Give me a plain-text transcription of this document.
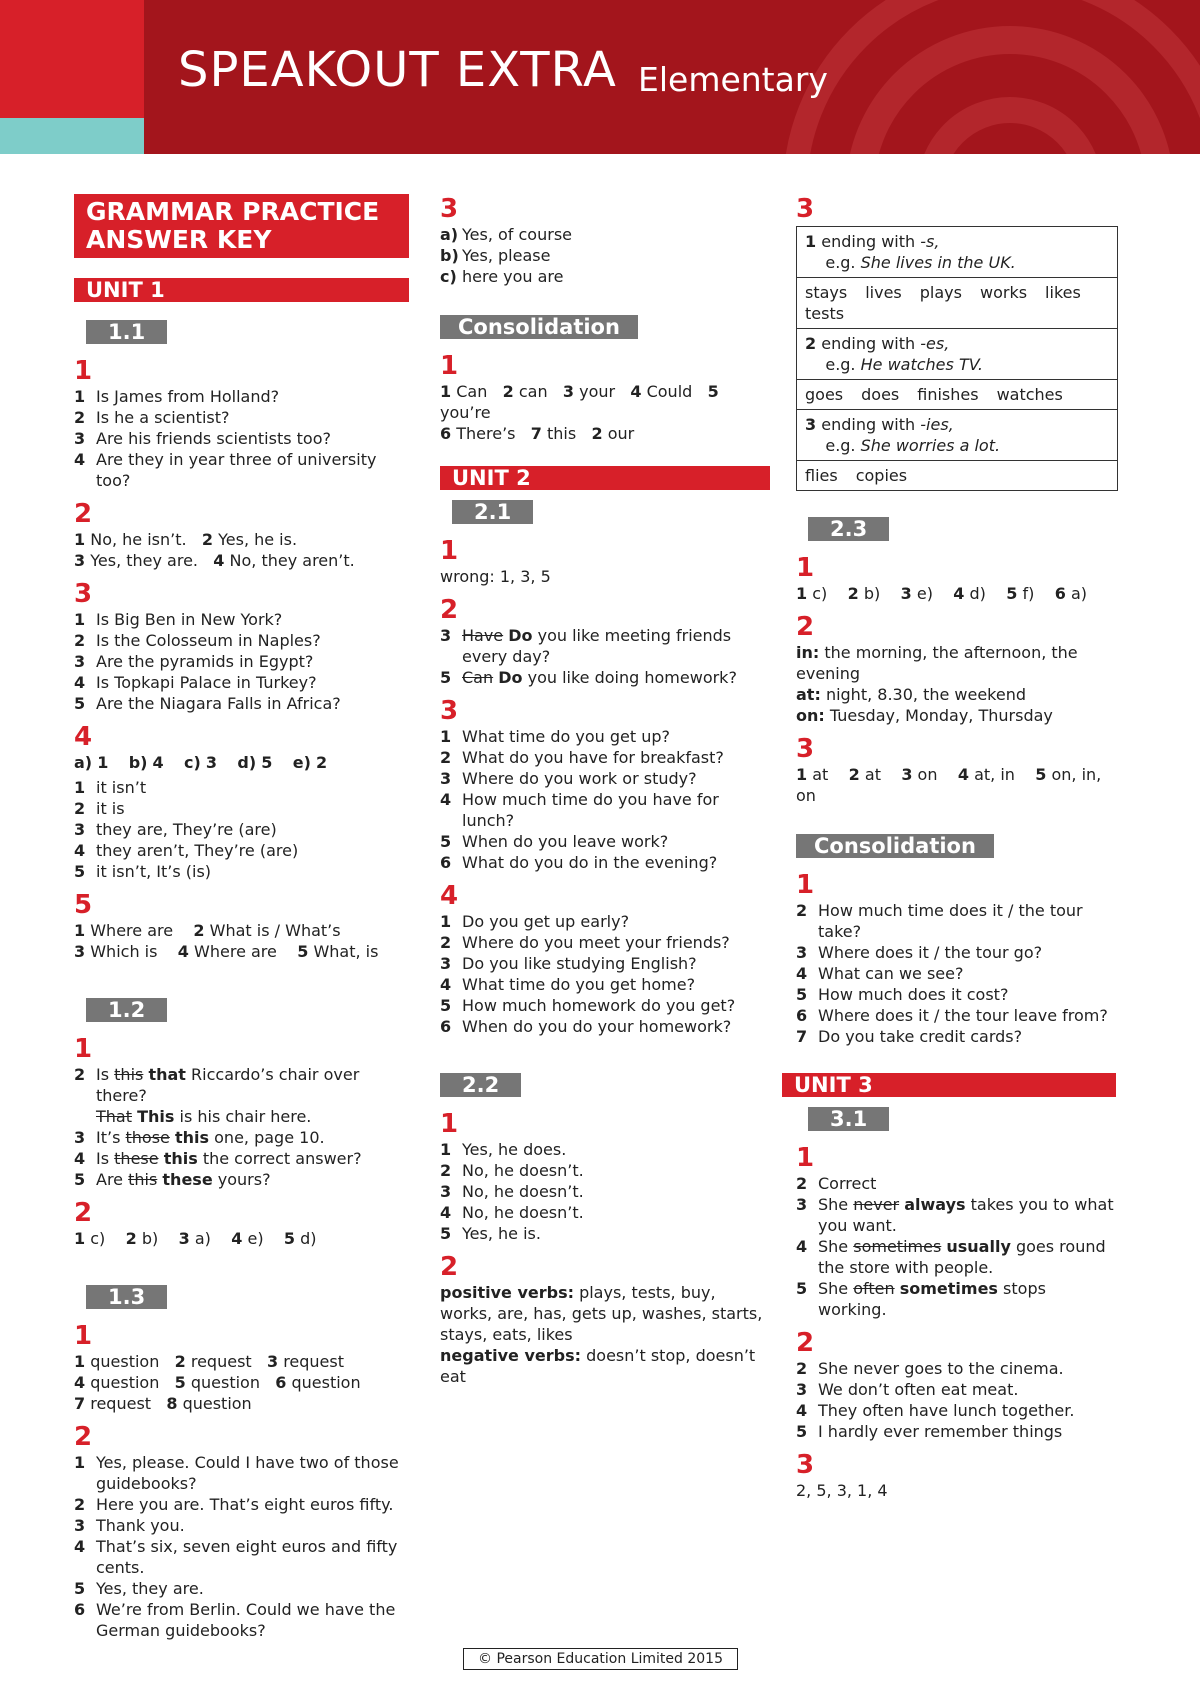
SPEAKOUT EXTRA Elementary
GRAMMAR PRACTICE
ANSWER KEY
UNIT 1
1.1
1
1 Is James from Holland?
2 Is he a scientist?
3 Are his friends scientists too?
4 Are they in year three of university too?
2
1 No, he isn’t. 2 Yes, he is.
3 Yes, they are. 4 No, they aren’t.
3
1 Is Big Ben in New York?
2 Is the Colosseum in Naples?
3 Are the pyramids in Egypt?
4 Is Topkapi Palace in Turkey?
5 Are the Niagara Falls in Africa?
4
a) 1 b) 4 c) 3 d) 5 e) 2
1 it isn’t
2 it is
3 they are, They’re (are)
4 they aren’t, They’re (are)
5 it isn’t, It’s (is)
5
1 Where are 2 What is / What’s
3 Which is 4 Where are 5 What, is
1.2
1
2 Is this that Riccardo’s chair over there?
That This is his chair here.
3 It’s those this one, page 10.
4 Is these this the correct answer?
5 Are this these yours?
2
1 c) 2 b) 3 a) 4 e) 5 d)
1.3
1
1 question 2 request 3 request
4 question 5 question 6 question
7 request 8 question
2
1 Yes, please. Could I have two of those guidebooks?
2 Here you are. That’s eight euros fifty.
3 Thank you.
4 That’s six, seven eight euros and fifty cents.
5 Yes, they are.
6 We’re from Berlin. Could we have the German guidebooks?
3
a) Yes, of course
b) Yes, please
c) here you are
Consolidation
1
1 Can 2 can 3 your 4 Could 5 you’re
6 There’s 7 this 2 our
UNIT 2
2.1
1
wrong: 1, 3, 5
2
3 Have Do you like meeting friends every day?
5 Can Do you like doing homework?
3
1 What time do you get up?
2 What do you have for breakfast?
3 Where do you work or study?
4 How much time do you have for lunch?
5 When do you leave work?
6 What do you do in the evening?
4
1 Do you get up early?
2 Where do you meet your friends?
3 Do you like studying English?
4 What time do you get home?
5 How much homework do you get?
6 When do you do your homework?
2.2
1
1 Yes, he does.
2 No, he doesn’t.
3 No, he doesn’t.
4 No, he doesn’t.
5 Yes, he is.
2
positive verbs: plays, tests, buy, works, are, has, gets up, washes, starts, stays, eats, likes
negative verbs: doesn’t stop, doesn’t eat
3
1 ending with -s,
e.g. She lives in the UK.
stays lives plays works likes
tests
2 ending with -es,
e.g. He watches TV.
goes does finishes watches
3 ending with -ies,
e.g. She worries a lot.
flies copies
2.3
1
1 c) 2 b) 3 e) 4 d) 5 f) 6 a)
2
in: the morning, the afternoon, the evening
at: night, 8.30, the weekend
on: Tuesday, Monday, Thursday
3
1 at 2 at 3 on 4 at, in 5 on, in, on
Consolidation
1
2 How much time does it / the tour take?
3 Where does it / the tour go?
4 What can we see?
5 How much does it cost?
6 Where does it / the tour leave from?
7 Do you take credit cards?
UNIT 3
3.1
1
2 Correct
3 She never always takes you to what you want.
4 She sometimes usually goes round the store with people.
5 She often sometimes stops working.
2
2 She never goes to the cinema.
3 We don’t often eat meat.
4 They often have lunch together.
5 I hardly ever remember things
3
2, 5, 3, 1, 4
© Pearson Education Limited 2015
